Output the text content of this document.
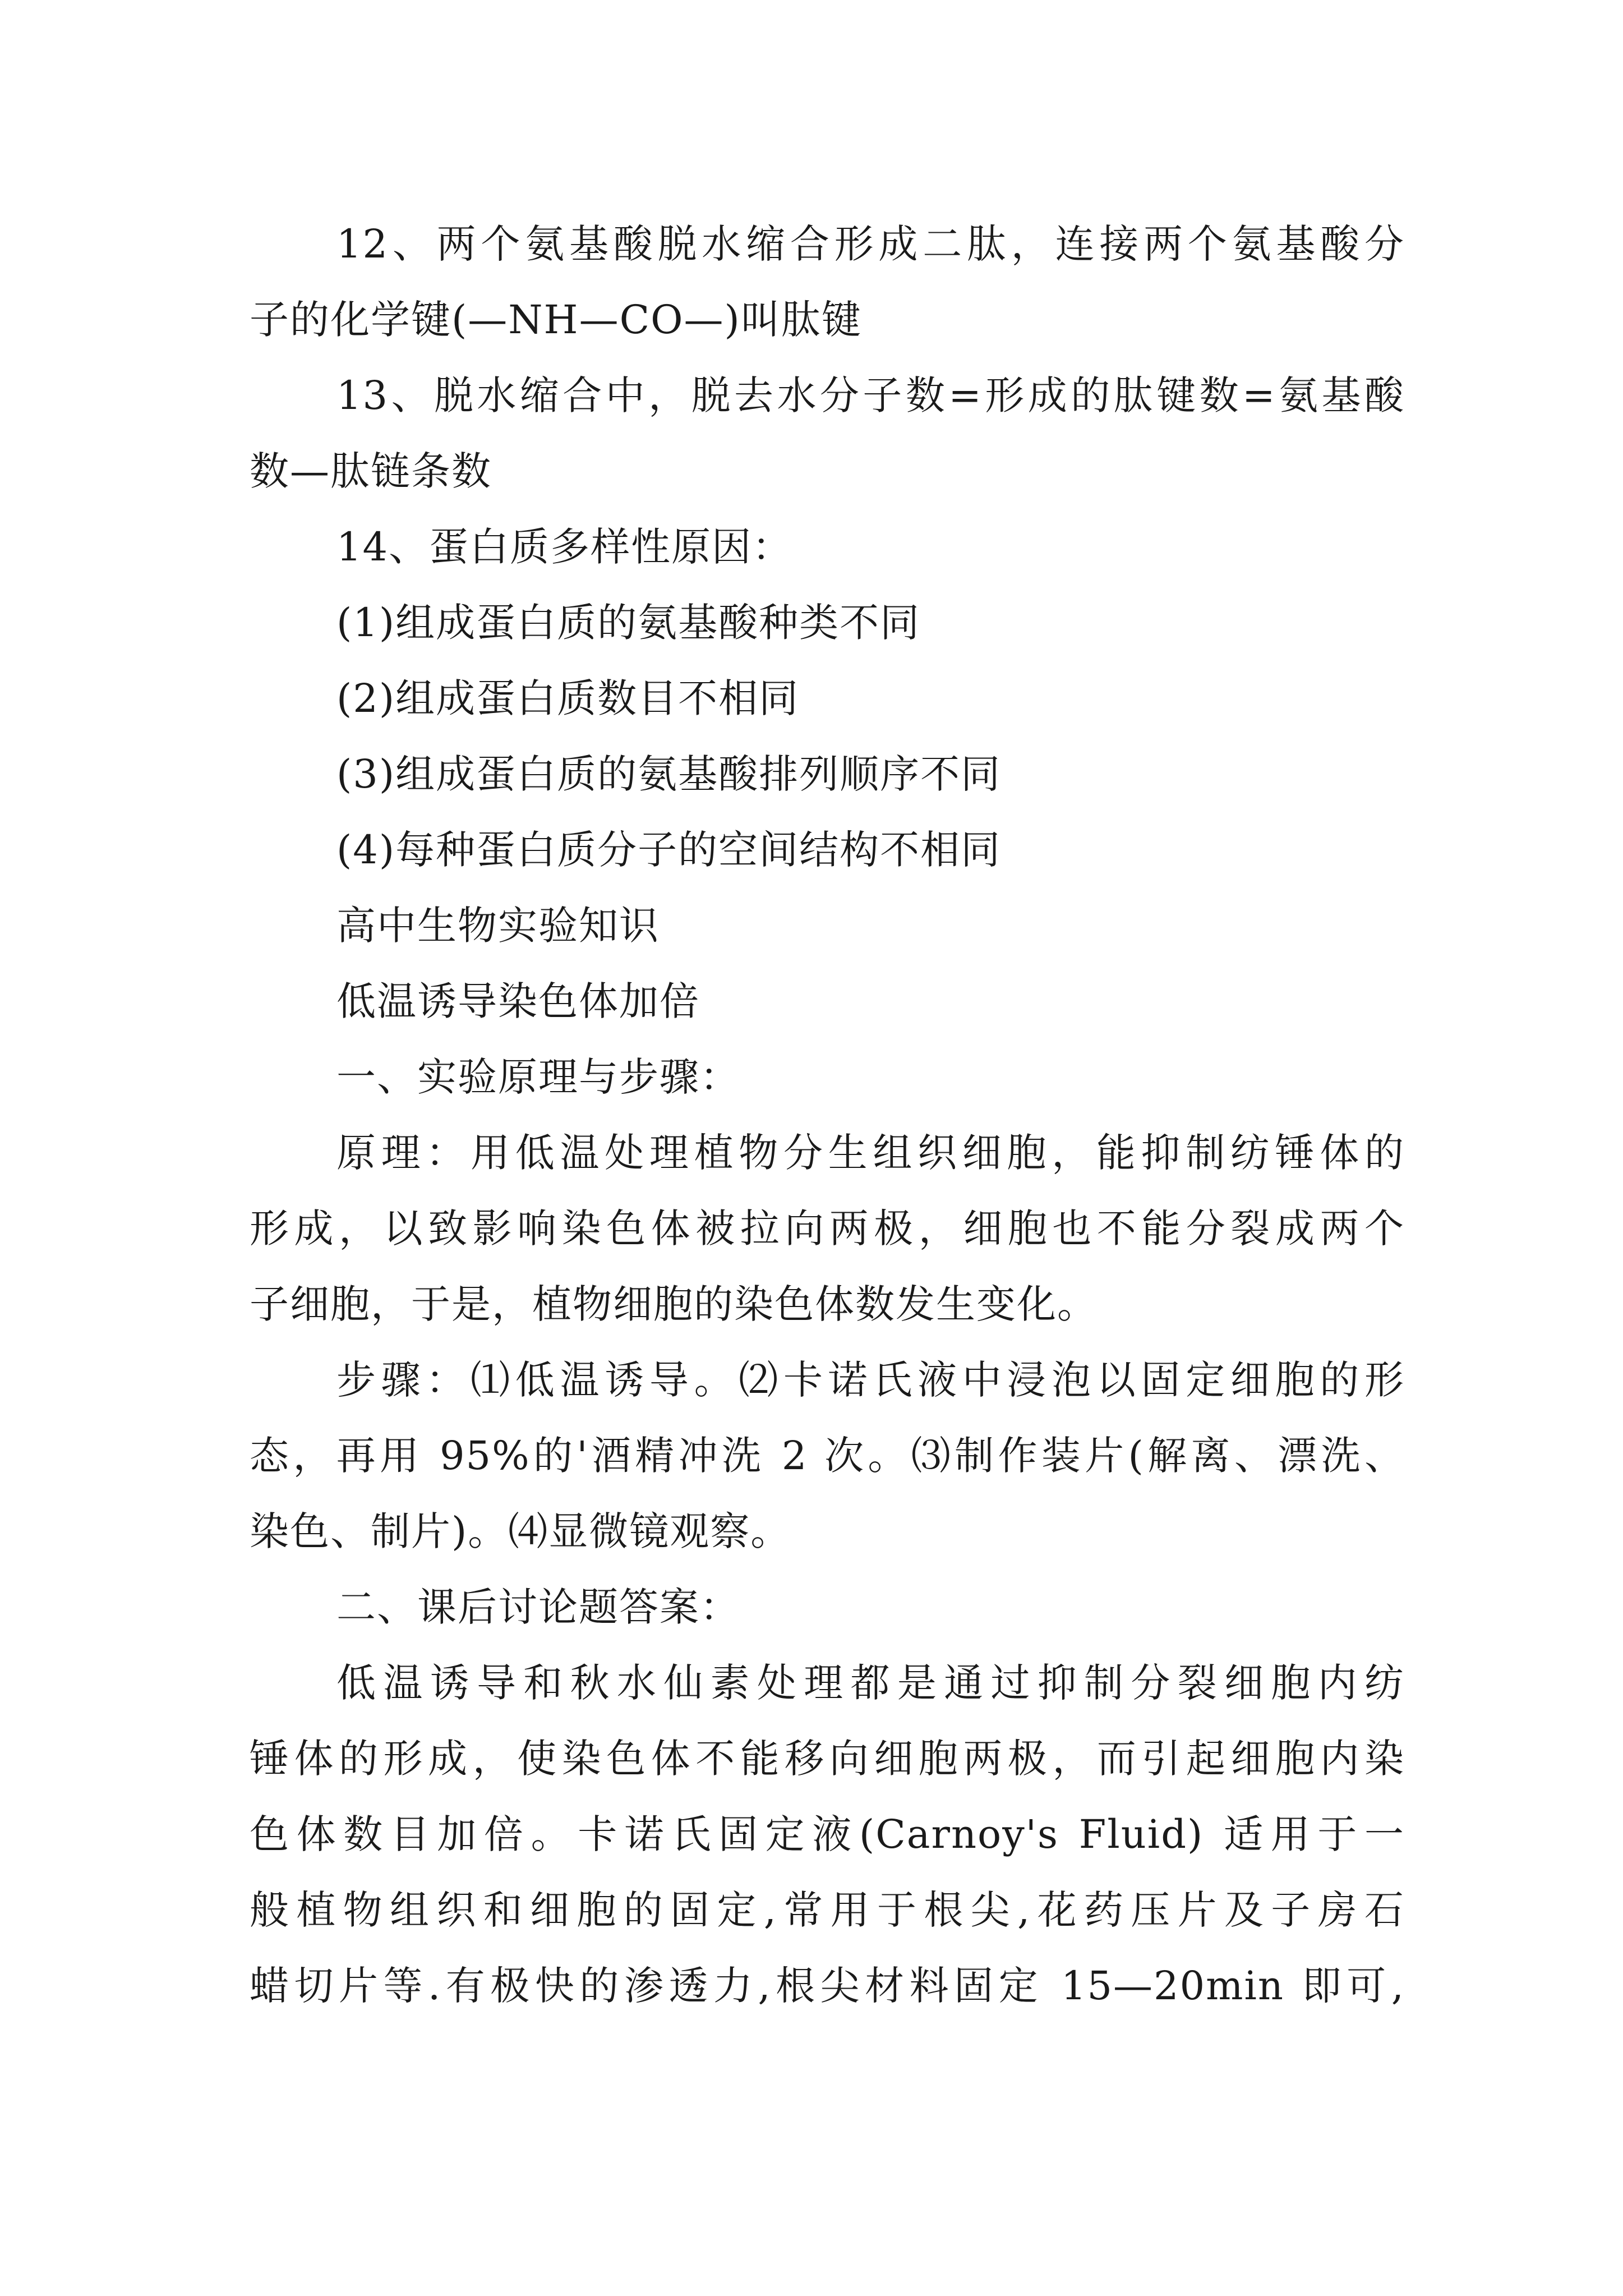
12、两个氨基酸脱水缩合形成二肽，连接两个氨基酸分
子的化学键(—NH—CO—)叫肽键
13、脱水缩合中，脱去水分子数=形成的肽键数=氨基酸
数—肽链条数
14、蛋白质多样性原因：
(1)组成蛋白质的氨基酸种类不同
(2)组成蛋白质数目不相同
(3)组成蛋白质的氨基酸排列顺序不同
(4)每种蛋白质分子的空间结构不相同
高中生物实验知识
低温诱导染色体加倍
一、实验原理与步骤：
原理：用低温处理植物分生组织细胞，能抑制纺锤体的
形成，以致影响染色体被拉向两极，细胞也不能分裂成两个
子细胞，于是，植物细胞的染色体数发生变化。
步骤：⑴低温诱导。⑵卡诺氏液中浸泡以固定细胞的形
态，再用 95%的'酒精冲洗 2 次。⑶制作装片(解离、漂洗、
染色、制片)。⑷显微镜观察。
二、课后讨论题答案：
低温诱导和秋水仙素处理都是通过抑制分裂细胞内纺
锤体的形成，使染色体不能移向细胞两极，而引起细胞内染
色体数目加倍。卡诺氏固定液(Carnoy's Fluid) 适用于一
般植物组织和细胞的固定,常用于根尖,花药压片及子房石
蜡切片等.有极快的渗透力,根尖材料固定 15—20min 即可,
